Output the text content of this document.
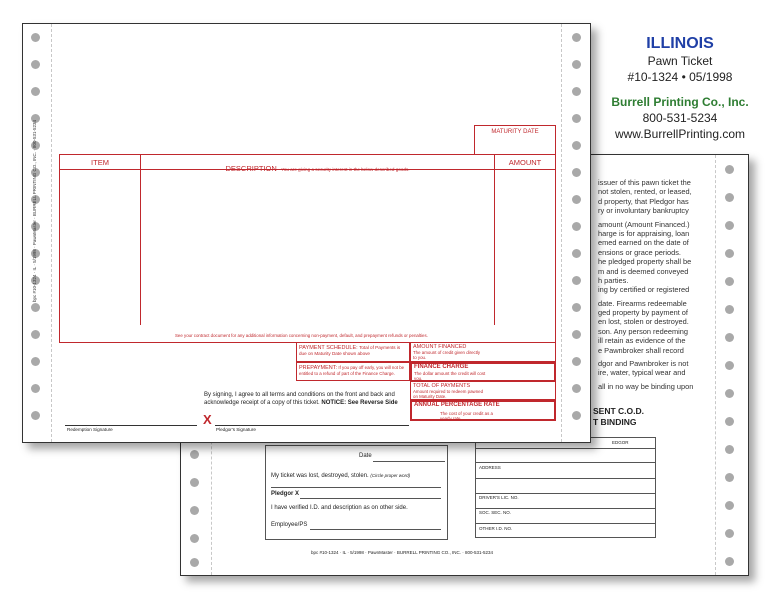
issuer of this pawn ticket the
not stolen, rented, or leased,
d property, that Pledgor has
ry or involuntary bankruptcy
amount (Amount Financed.)
harge is for appraising, loan
emed earned on the date of
ensions or grace periods.
he pledged property shall be
m and is deemed conveyed
h parties.
ing by certified or registered
date. Firearms redeemable
ged property by payment of
en lost, stolen or destroyed.
son. Any person redeeming
ill retain as evidence of the
e Pawnbroker shall record
dgor and Pawnbroker is not
ire, water, typical wear and
all in no way be binding upon
SENT C.O.D.
T BINDING
EDGOR
ADDRESS
DRIVER'S LIC. NO.
SOC. SEC. NO.
OTHER I.D. NO.
Date
My ticket was lost, destroyed, stolen. (Circle proper word)
Pledgor X
I have verified I.D. and description as on other side.
Employee/PS
bpc #10-1324 · IL · 5/1998 · PawnMaster · BURRELL PRINTING CO., INC. · 800-531-5234
bpc #10-1324 · IL · 5/1998 · PawnMaster · BURRELL PRINTING CO., INC. · 800-531-5234	MATURITY DATE
ITEM
DESCRIPTION You are giving a security interest in the below described goods.
AMOUNT
See your contract document for any additional information concerning non-payment, default, and prepayment refunds or penalties.
PAYMENT SCHEDULE: Total of Payments is due on Maturity Date shown above
PREPAYMENT: If you pay off early, you will not be entitled to a refund of part of the Finance Charge.
AMOUNT FINANCED
The amount of credit given directly to you.
FINANCE CHARGE
The dollar amount the credit will cost you.
TOTAL OF PAYMENTS
Amount required to redeem pawned on Maturity Date.
ANNUAL PERCENTAGE RATE
The cost of your credit as a yearly rate.
By signing, I agree to all terms and conditions on the front and back and
acknowledge receipt of a copy of this ticket. NOTICE: See Reverse Side
Redemption Signature
X
Pledgor's Signature
ILLINOIS
Pawn Ticket
#10-1324 • 05/1998
Burrell Printing Co., Inc.
800-531-5234
www.BurrellPrinting.com
